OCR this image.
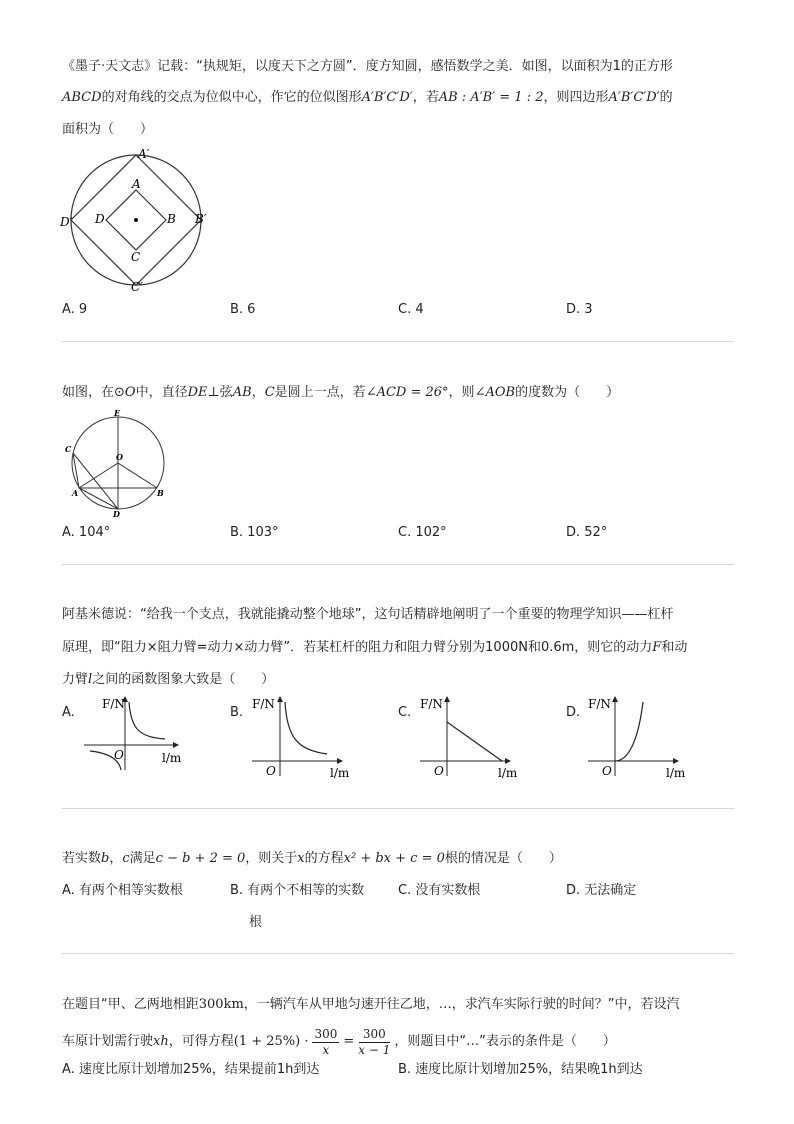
《墨子·天文志》记载：“执规矩，以度天下之方圆”．度方知圆，感悟数学之美．如图，以面积为1的正方形
ABCD的对角线的交点为位似中心，作它的位似图形A′B′C′D′，若AB : A′B′ = 1 : 2，则四边形A′B′C′D′的
面积为（　　）
A′
A
D′ D	B B′
C
C′
A. 9	B. 6	C. 4	D. 3
如图，在⊙O中，直径DE⊥弦AB，C是圆上一点，若∠ACD = 26°，则∠AOB的度数为（　　）
E
C
O
A	B
D
A. 104°	B. 103°	C. 102°	D. 52°
阿基米德说：“给我一个支点，我就能撬动整个地球”，这句话精辟地阐明了一个重要的物理学知识——杠杆
原理，即“阻力×阻力臂=动力×动力臂”．若某杠杆的阻力和阻力臂分别为1000N和0.6m，则它的动力F和动
力臂l之间的函数图象大致是（　　）
A.	B.	C.	D.
F/N
O	l/m
F/N
O	l/m
F/N
O	l/m
F/N
O	l/m
若实数b，c满足c − b + 2 = 0，则关于x的方程x² + bx + c = 0根的情况是（　　）
A. 有两个相等实数根	B. 有两个不相等的实数
根
C. 没有实数根	D. 无法确定
在题目“甲、乙两地相距300km，一辆汽车从甲地匀速开往乙地，…，求汽车实际行驶的时间？”中，若设汽
车原计划需行驶 xh ，可得方程 $(1 + 25\%) \cdot \frac{300}{x} = \frac{300}{x - 1}$ ，则题目中“…”表示的条件是（　　）
A. 速度比原计划增加25%，结果提前1h到达	B. 速度比原计划增加25%，结果晚1h到达
